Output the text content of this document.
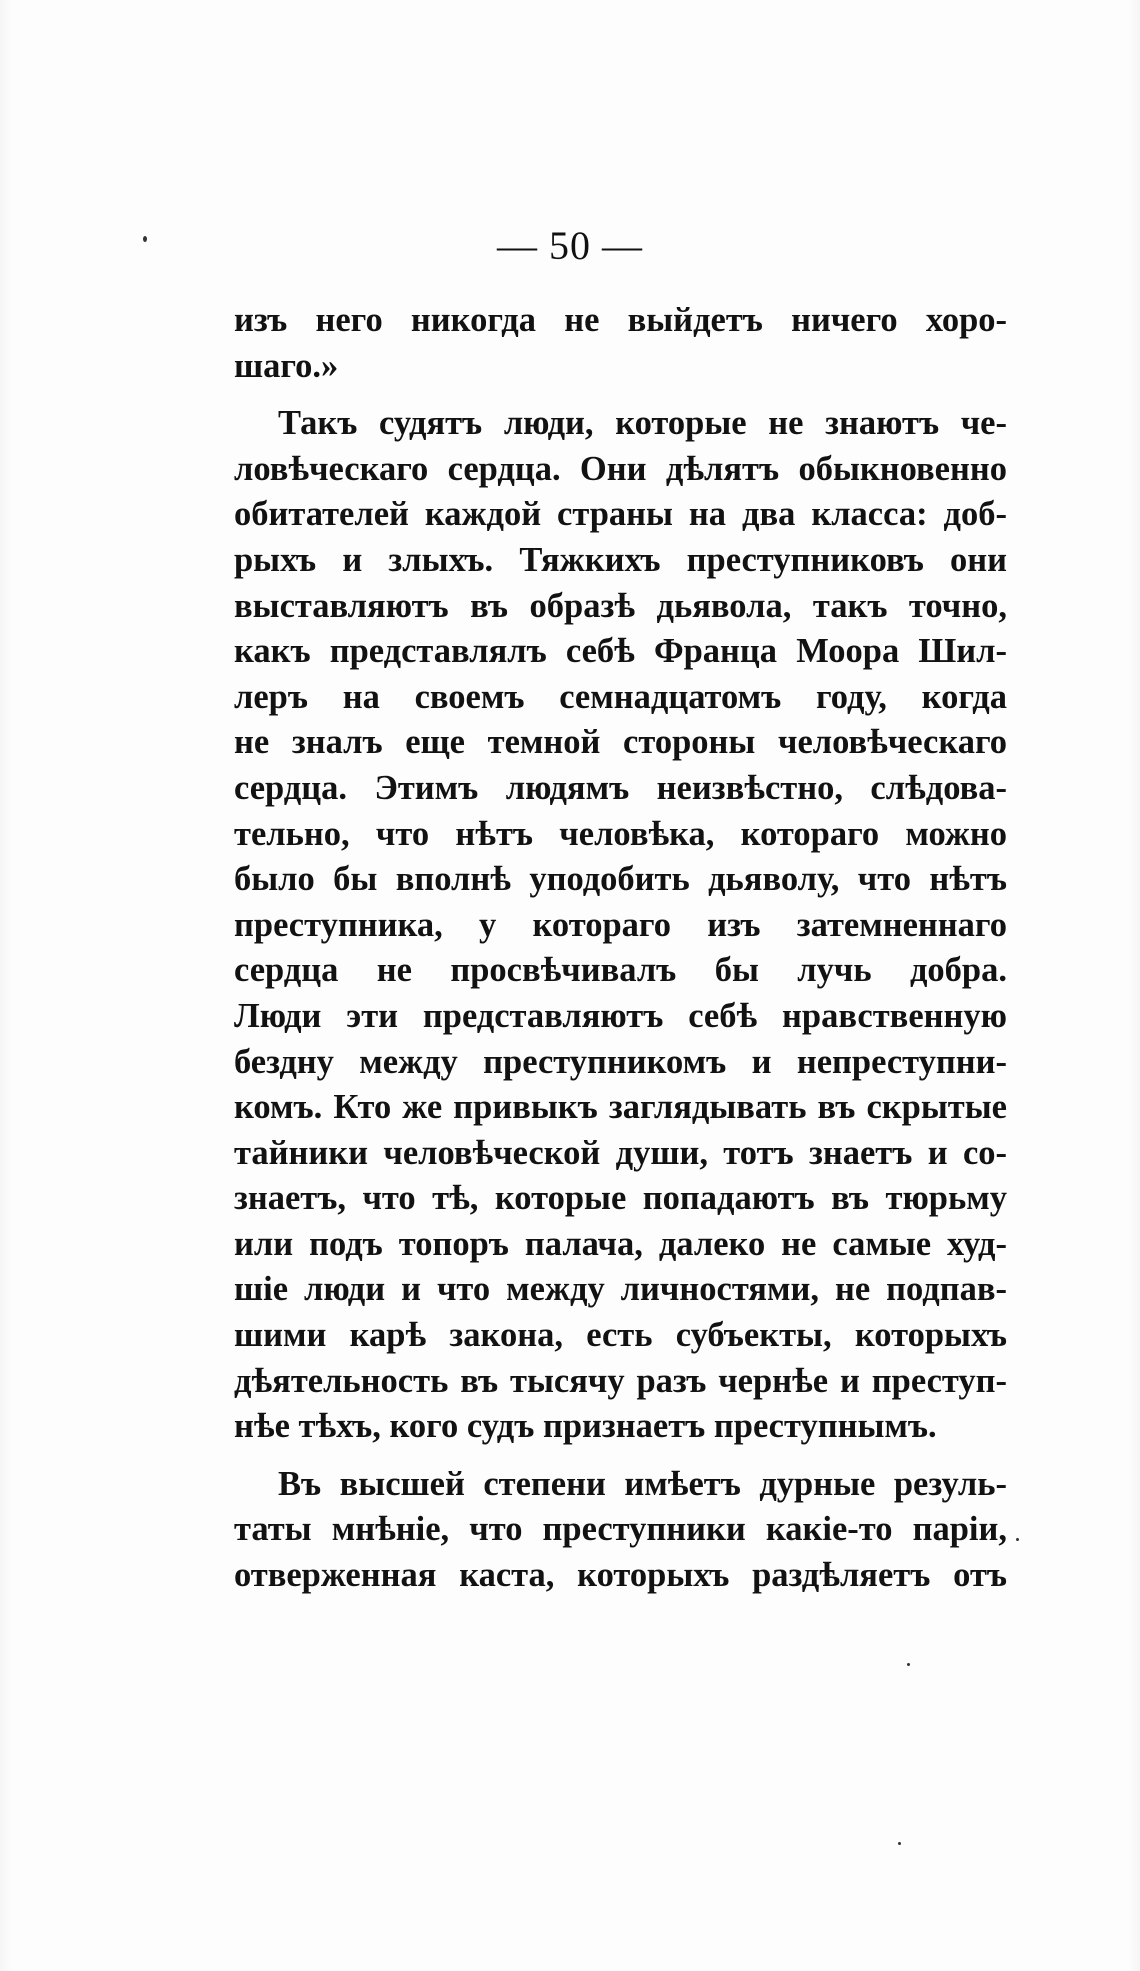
— 50 —
изъ него никогда не выйдетъ ничего хоро-
шаго.»
Такъ судятъ люди, которые не знаютъ че-
ловѣческаго сердца. Они дѣлятъ обыкновенно
обитателей каждой страны на два класса: доб-
рыхъ и злыхъ. Тяжкихъ преступниковъ они
выставляютъ въ образѣ дьявола, такъ точно,
какъ представлялъ себѣ Франца Моора Шил-
леръ на своемъ семнадцатомъ году, когда
не зналъ еще темной стороны человѣческаго
сердца. Этимъ людямъ неизвѣстно, слѣдова-
тельно, что нѣтъ человѣка, котораго можно
было бы вполнѣ уподобить дьяволу, что нѣтъ
преступника, у котораго изъ затемненнаго
сердца не просвѣчивалъ бы лучь добра.
Люди эти представляютъ себѣ нравственную
бездну между преступникомъ и непреступни-
комъ. Кто же привыкъ заглядывать въ скрытые
тайники человѣческой души, тотъ знаетъ и со-
знаетъ, что тѣ, которые попадаютъ въ тюрьму
или подъ топоръ палача, далеко не самые худ-
шіе люди и что между личностями, не подпав-
шими карѣ закона, есть субъекты, которыхъ
дѣятельность въ тысячу разъ чернѣе и преступ-
нѣе тѣхъ, кого судъ признаетъ преступнымъ.
Въ высшей степени имѣетъ дурные резуль-
таты мнѣніе, что преступники какіе-то паріи,
отверженная каста, которыхъ раздѣляетъ отъ
